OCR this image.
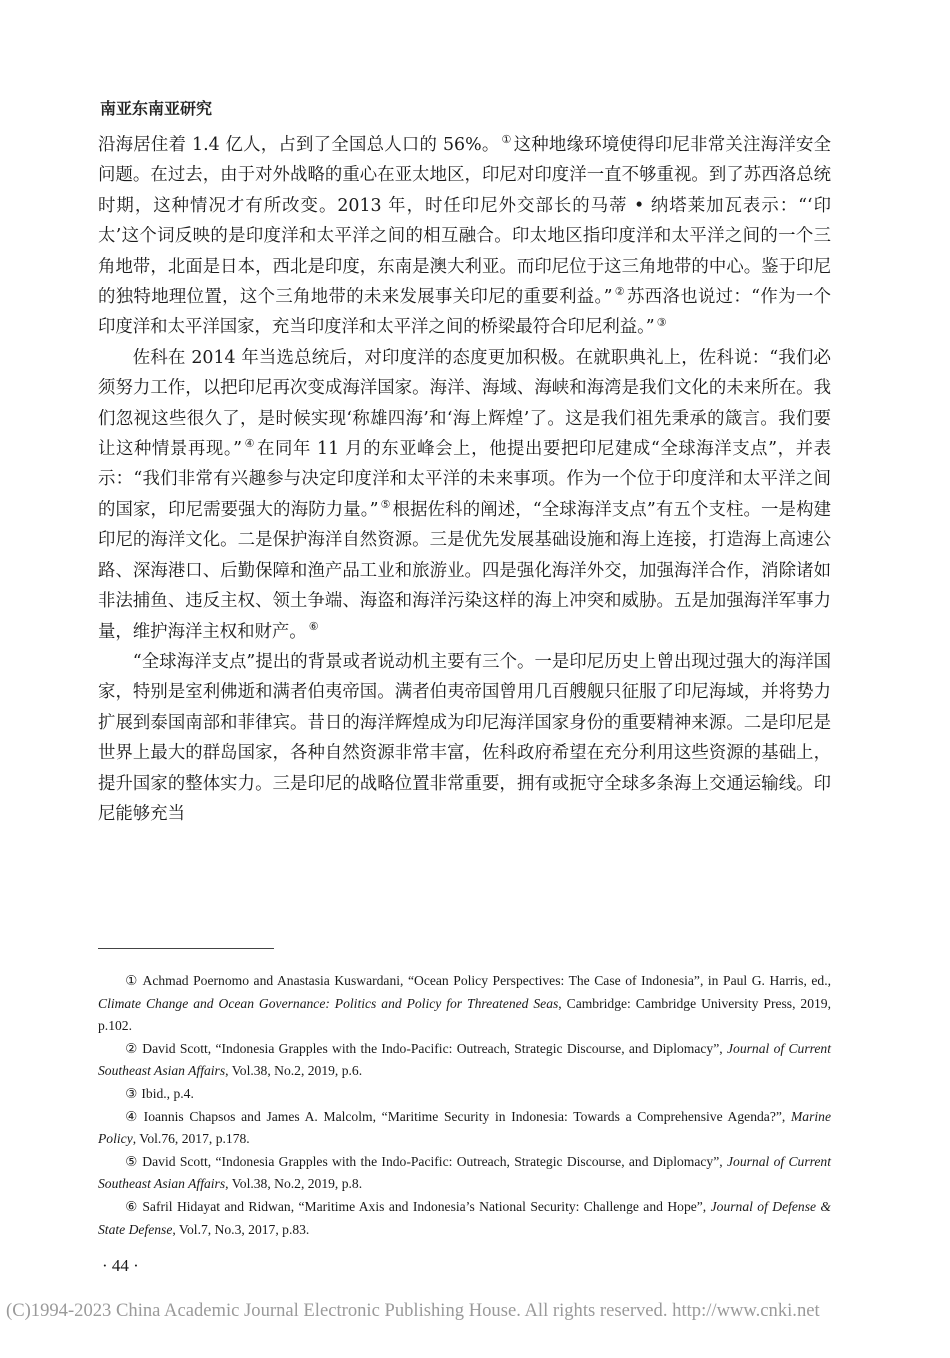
南亚东南亚研究

沿海居住着 1.4 亿人，占到了全国总人口的 56%。 ① 这种地缘环境使得印尼非常关注海洋安全问题。在过去，由于对外战略的重心在亚太地区，印尼对印度洋一直不够重视。到了苏西洛总统时期，这种情况才有所改变。2013 年，时任印尼外交部长的马蒂 • 纳塔莱加瓦表示：“‘印太’这个词反映的是印度洋和太平洋之间的相互融合。印太地区指印度洋和太平洋之间的一个三角地带，北面是日本，西北是印度，东南是澳大利亚。而印尼位于这三角地带的中心。鉴于印尼的独特地理位置，这个三角地带的未来发展事关印尼的重要利益。” ② 苏西洛也说过：“作为一个印度洋和太平洋国家，充当印度洋和太平洋之间的桥梁最符合印尼利益。” ③

佐科在 2014 年当选总统后，对印度洋的态度更加积极。在就职典礼上，佐科说：“我们必须努力工作，以把印尼再次变成海洋国家。海洋、海域、海峡和海湾是我们文化的未来所在。我们忽视这些很久了，是时候实现‘称雄四海’和‘海上辉煌’了。这是我们祖先秉承的箴言。我们要让这种情景再现。” ④ 在同年 11 月的东亚峰会上，他提出要把印尼建成“全球海洋支点”，并表示：“我们非常有兴趣参与决定印度洋和太平洋的未来事项。作为一个位于印度洋和太平洋之间的国家，印尼需要强大的海防力量。” ⑤ 根据佐科的阐述，“全球海洋支点”有五个支柱。一是构建印尼的海洋文化。二是保护海洋自然资源。三是优先发展基础设施和海上连接，打造海上高速公路、深海港口、后勤保障和渔产品工业和旅游业。四是强化海洋外交，加强海洋合作，消除诸如非法捕鱼、违反主权、领土争端、海盗和海洋污染这样的海上冲突和威胁。五是加强海洋军事力量，维护海洋主权和财产。 ⑥

“全球海洋支点”提出的背景或者说动机主要有三个。一是印尼历史上曾出现过强大的海洋国家，特别是室利佛逝和满者伯夷帝国。满者伯夷帝国曾用几百艘舰只征服了印尼海域，并将势力扩展到泰国南部和菲律宾。昔日的海洋辉煌成为印尼海洋国家身份的重要精神来源。二是印尼是世界上最大的群岛国家，各种自然资源非常丰富，佐科政府希望在充分利用这些资源的基础上，提升国家的整体实力。三是印尼的战略位置非常重要，拥有或扼守全球多条海上交通运输线。印尼能够充当

① Achmad Poernomo and Anastasia Kuswardani, “Ocean Policy Perspectives: The Case of Indonesia”, in Paul G. Harris, ed., Climate Change and Ocean Governance: Politics and Policy for Threatened Seas, Cambridge: Cambridge University Press, 2019, p.102.

② David Scott, “Indonesia Grapples with the Indo-Pacific: Outreach, Strategic Discourse, and Diplomacy”, Journal of Current Southeast Asian Affairs, Vol.38, No.2, 2019, p.6.

③ Ibid., p.4.

④ Ioannis Chapsos and James A. Malcolm, “Maritime Security in Indonesia: Towards a Comprehensive Agenda?”, Marine Policy, Vol.76, 2017, p.178.

⑤ David Scott, “Indonesia Grapples with the Indo-Pacific: Outreach, Strategic Discourse, and Diplomacy”, Journal of Current Southeast Asian Affairs, Vol.38, No.2, 2019, p.8.

⑥ Safril Hidayat and Ridwan, “Maritime Axis and Indonesia’s National Security: Challenge and Hope”, Journal of Defense & State Defense, Vol.7, No.3, 2017, p.83.

· 44 ·
(C)1994-2023 China Academic Journal Electronic Publishing House. All rights reserved. http://www.cnki.net
